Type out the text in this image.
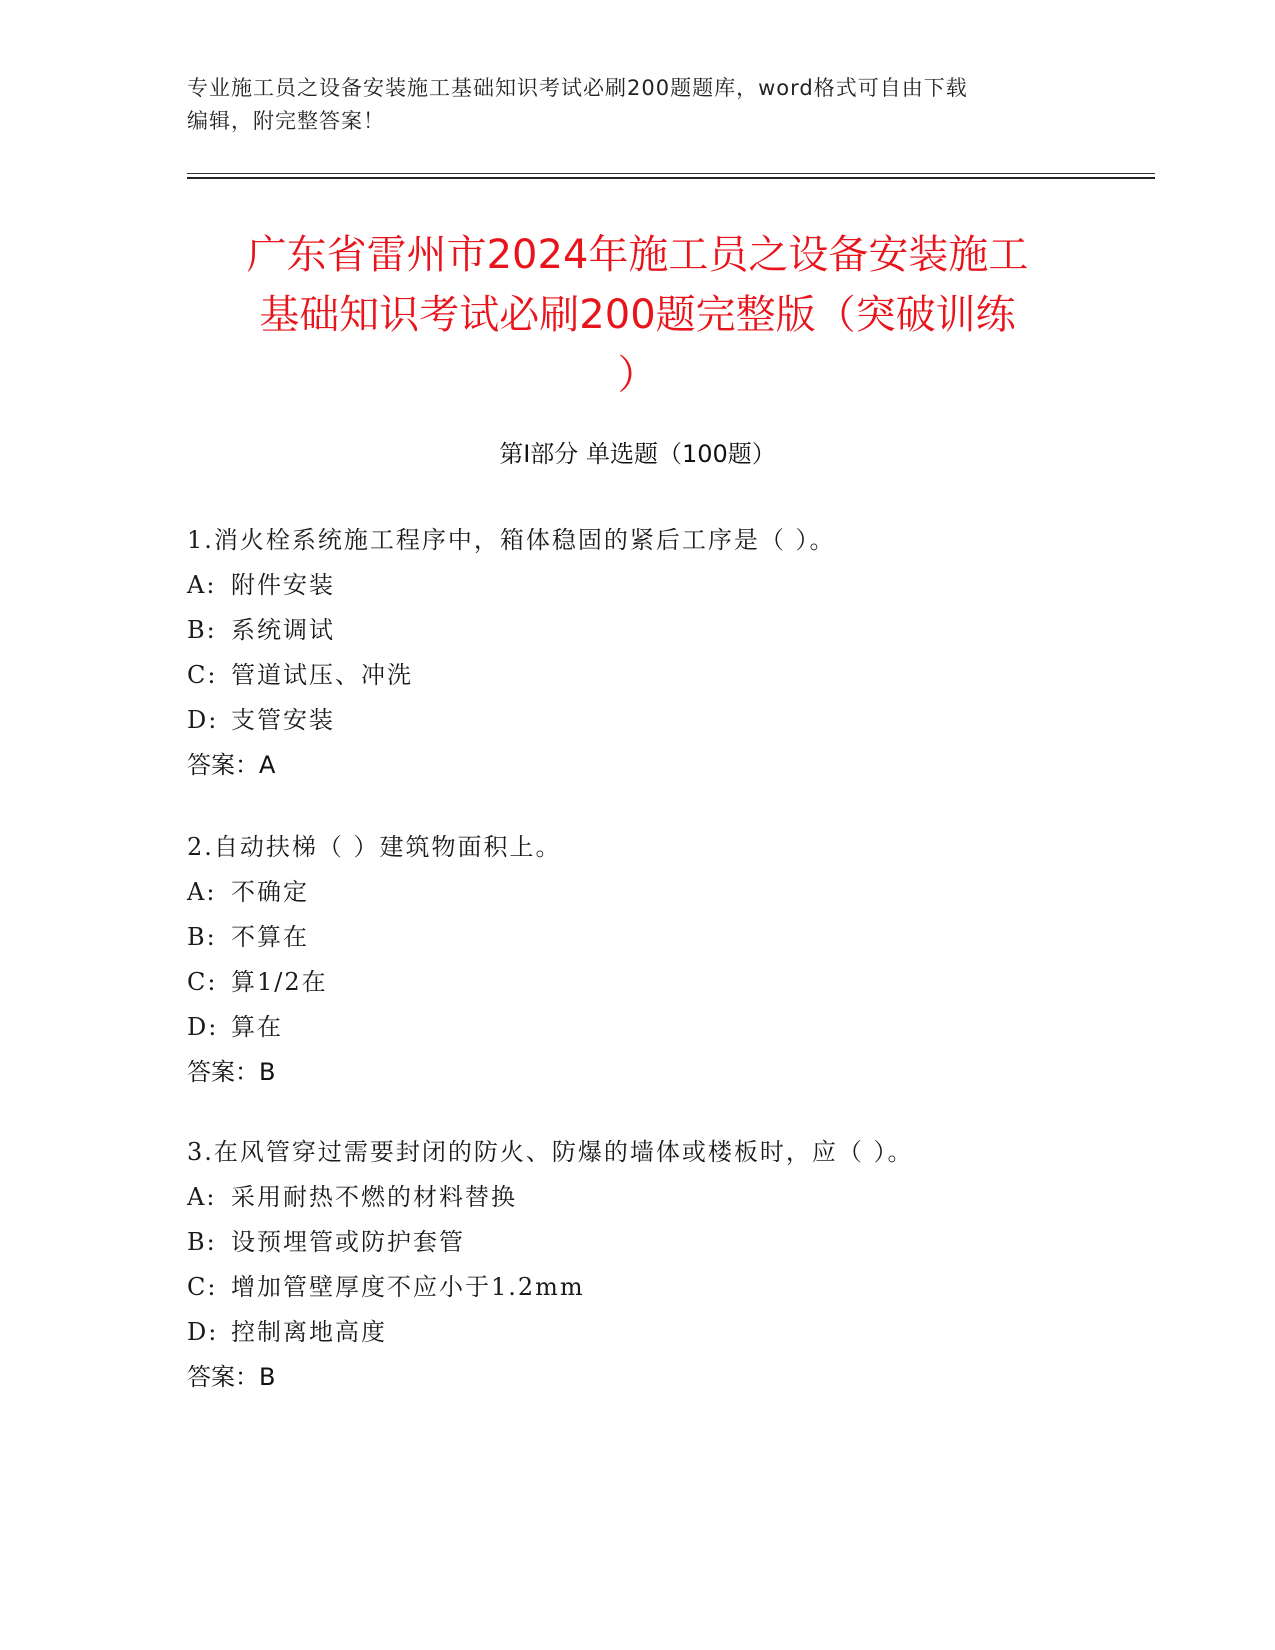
专业施工员之设备安装施工基础知识考试必刷200题题库，word格式可自由下载
编辑，附完整答案！
广东省雷州市2024年施工员之设备安装施工
基础知识考试必刷200题完整版（突破训练
）
第Ⅰ部分 单选题（100题）
1.消火栓系统施工程序中，箱体稳固的紧后工序是（ ）。
A: 附件安装
B: 系统调试
C: 管道试压、冲洗
D: 支管安装
答案：A
2.自动扶梯（ ）建筑物面积上。
A: 不确定
B: 不算在
C: 算1/2在
D: 算在
答案：B
3.在风管穿过需要封闭的防火、防爆的墙体或楼板时，应（ ）。
A: 采用耐热不燃的材料替换
B: 设预埋管或防护套管
C: 增加管壁厚度不应小于1.2mm
D: 控制离地高度
答案：B
